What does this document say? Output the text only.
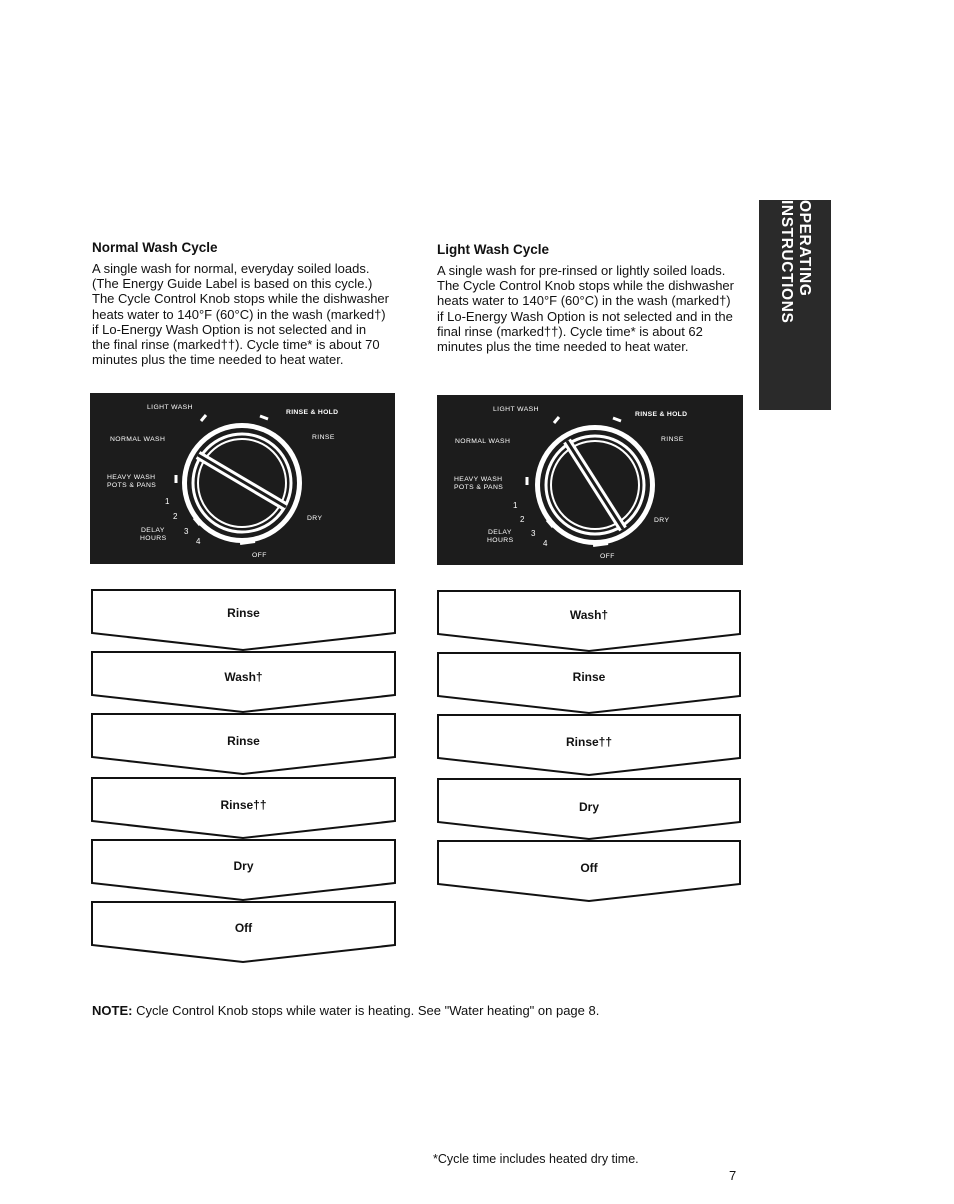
OPERATING INSTRUCTIONS
Normal Wash Cycle
A single wash for normal, everyday soiled loads.
(The Energy Guide Label is based on this cycle.)
The Cycle Control Knob stops while the dishwasher
heats water to 140°F (60°C) in the wash (marked†)
if Lo-Energy Wash Option is not selected and in
the final rinse (marked††). Cycle time* is about 70
minutes plus the time needed to heat water.
Light Wash Cycle
A single wash for pre-rinsed or lightly soiled loads.
The Cycle Control Knob stops while the dishwasher
heats water to 140°F (60°C) in the wash (marked†)
if Lo-Energy Wash Option is not selected and in the
final rinse (marked††). Cycle time* is about 62
minutes plus the time needed to heat water.
LIGHT WASH
RINSE & HOLD
NORMAL WASH	RINSE
HEAVY WASH
POTS & PANS
DRY
DELAY
HOURS
OFF
1
2
3
4
LIGHT WASH
RINSE & HOLD
NORMAL WASH	RINSE
HEAVY WASH
POTS & PANS
DRY
DELAY
HOURS
OFF
1
2
3
4
Rinse
Wash†
Rinse
Rinse††
Dry
Off
Wash†
Rinse
Rinse††
Dry
Off
NOTE: Cycle Control Knob stops while water is heating. See "Water heating" on page 8.
*Cycle time includes heated dry time.
7
